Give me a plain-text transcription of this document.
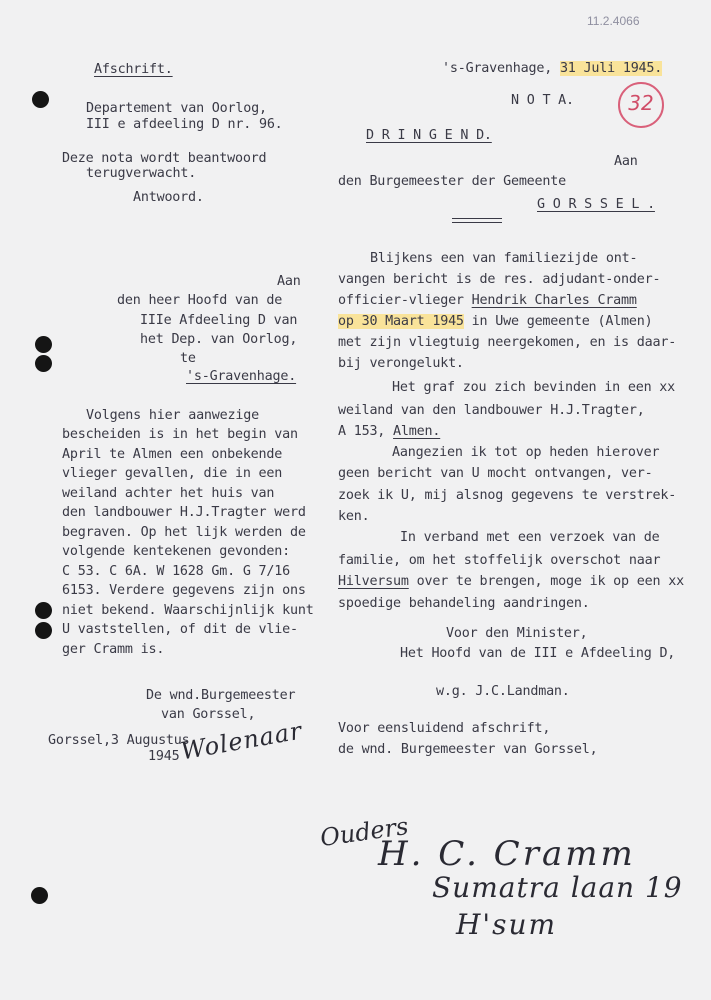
11.2.4066
32
Afschrift.
Departement van Oorlog,
III e afdeeling D nr. 96.
Deze nota wordt beantwoord
terugverwacht.
Antwoord.
Aan
den heer Hoofd van de
IIIe Afdeeling D van
het Dep. van Oorlog,
te
's-Gravenhage.
Volgens hier aanwezige
bescheiden is in het begin van
April te Almen een onbekende
vlieger gevallen, die in een
weiland achter het huis van
den landbouwer H.J.Tragter werd
begraven. Op het lijk werden de
volgende kentekenen gevonden:
C 53. C 6A. W 1628 Gm. G 7/16
6153. Verdere gegevens zijn ons
niet bekend. Waarschijnlijk kunt
U vaststellen, of dit de vlie-
ger Cramm is.
De wnd.Burgemeester
van Gorssel,
Gorssel,3 Augustus
1945 Wolenaar
's-Gravenhage, 31 Juli 1945.
N O T A.
D R I N G E N D.
Aan
den Burgemeester der Gemeente
G O R S S E L .
Blijkens een van familiezijde ont-
vangen bericht is de res. adjudant-onder-
officier-vlieger Hendrik Charles Cramm
op 30 Maart 1945 in Uwe gemeente (Almen)
met zijn vliegtuig neergekomen, en is daar-
bij verongelukt.
Het graf zou zich bevinden in een xx
weiland van den landbouwer H.J.Tragter,
A 153, Almen.
Aangezien ik tot op heden hierover
geen bericht van U mocht ontvangen, ver-
zoek ik U, mij alsnog gegevens te verstrek-
ken.
In verband met een verzoek van de
familie, om het stoffelijk overschot naar
Hilversum over te brengen, moge ik op een xx
spoedige behandeling aandringen.
Voor den Minister,
Het Hoofd van de III e Afdeeling D,
w.g. J.C.Landman.
Voor eensluidend afschrift,
de wnd. Burgemeester van Gorssel,
Ouders
H. C. Cramm
Sumatra laan 19
H'sum
